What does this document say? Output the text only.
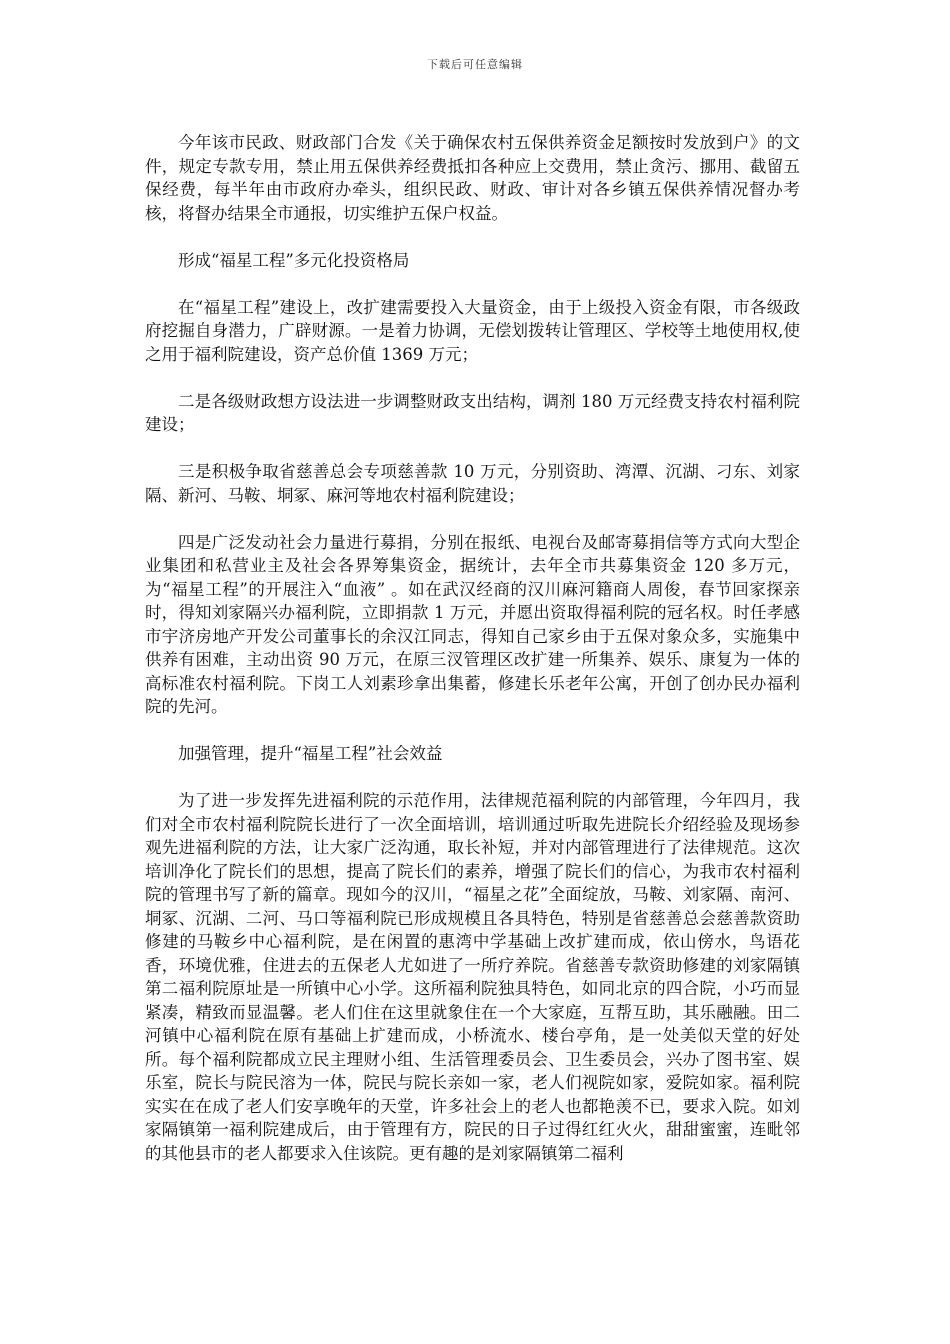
下载后可任意编辑

今年该市民政、财政部门合发《关于确保农村五保供养资金足额按时发放到户》的文件，规定专款专用，禁止用五保供养经费抵扣各种应上交费用，禁止贪污、挪用、截留五保经费，每半年由市政府办牵头，组织民政、财政、审计对各乡镇五保供养情况督办考核，将督办结果全市通报，切实维护五保户权益。

形成“福星工程”多元化投资格局

在“福星工程”建设上，改扩建需要投入大量资金，由于上级投入资金有限，市各级政府挖掘自身潜力，广辟财源。一是着力协调，无偿划拨转让管理区、学校等土地使用权,使之用于福利院建设，资产总价值 1369 万元；

二是各级财政想方设法进一步调整财政支出结构，调剂 180 万元经费支持农村福利院建设；

三是积极争取省慈善总会专项慈善款 10 万元，分别资助、湾潭、沉湖、刁东、刘家隔、新河、马鞍、垌冢、麻河等地农村福利院建设；

四是广泛发动社会力量进行募捐，分别在报纸、电视台及邮寄募捐信等方式向大型企业集团和私营业主及社会各界筹集资金，据统计，去年全市共募集资金 120 多万元，为“福星工程”的开展注入“血液” 。如在武汉经商的汉川麻河籍商人周俊，春节回家探亲时，得知刘家隔兴办福利院，立即捐款 1 万元，并愿出资取得福利院的冠名权。时任孝感市宇济房地产开发公司董事长的余汉江同志，得知自己家乡由于五保对象众多，实施集中供养有困难，主动出资 90 万元，在原三汊管理区改扩建一所集养、娱乐、康复为一体的高标准农村福利院。下岗工人刘素珍拿出集蓄，修建长乐老年公寓，开创了创办民办福利院的先河。

加强管理，提升“福星工程”社会效益

为了进一步发挥先进福利院的示范作用，法律规范福利院的内部管理，今年四月，我们对全市农村福利院院长进行了一次全面培训，培训通过听取先进院长介绍经验及现场参观先进福利院的方法，让大家广泛沟通，取长补短，并对内部管理进行了法律规范。这次培训净化了院长们的思想，提高了院长们的素养，增强了院长们的信心，为我市农村福利院的管理书写了新的篇章。现如今的汉川，“福星之花”全面绽放，马鞍、刘家隔、南河、垌冢、沉湖、二河、马口等福利院已形成规模且各具特色，特别是省慈善总会慈善款资助修建的马鞍乡中心福利院，是在闲置的惠湾中学基础上改扩建而成，依山傍水，鸟语花香，环境优雅，住进去的五保老人尤如进了一所疗养院。省慈善专款资助修建的刘家隔镇第二福利院原址是一所镇中心小学。这所福利院独具特色，如同北京的四合院，小巧而显紧凑，精致而显温馨。老人们住在这里就象住在一个大家庭，互帮互助，其乐融融。田二河镇中心福利院在原有基础上扩建而成，小桥流水、楼台亭角，是一处美似天堂的好处所。每个福利院都成立民主理财小组、生活管理委员会、卫生委员会，兴办了图书室、娱乐室，院长与院民溶为一体，院民与院长亲如一家，老人们视院如家，爱院如家。福利院实实在在成了老人们安享晚年的天堂，许多社会上的老人也都艳羡不已，要求入院。如刘家隔镇第一福利院建成后，由于管理有方，院民的日子过得红红火火，甜甜蜜蜜，连毗邻的其他县市的老人都要求入住该院。更有趣的是刘家隔镇第二福利
